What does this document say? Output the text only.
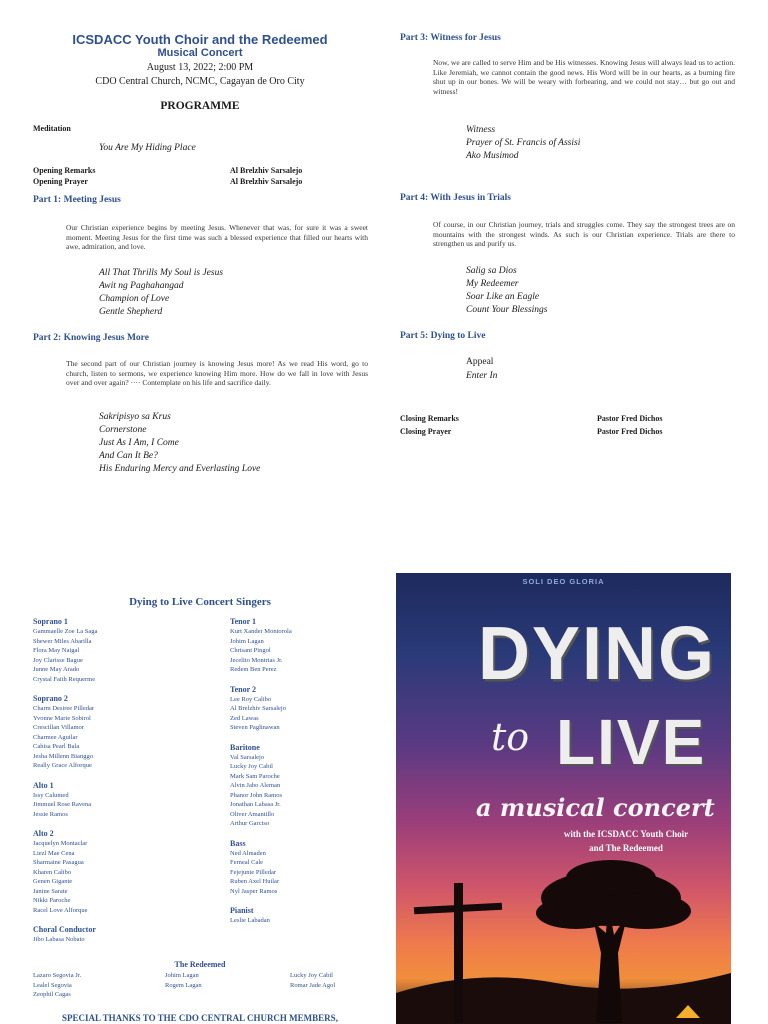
ICSDACC Youth Choir and the Redeemed
Musical Concert
August 13, 2022; 2:00 PM
CDO Central Church, NCMC, Cagayan de Oro City
PROGRAMME
Meditation
You Are My Hiding Place
Opening Remarks	Al Brelzhiv Sarsalejo
Opening Prayer	Al Brelzhiv Sarsalejo
Part 1: Meeting Jesus
Our Christian experience begins by meeting Jesus. Whenever that was, for sure it was a sweet moment. Meeting Jesus for the first time was such a blessed experience that filled our hearts with awe, admiration, and love.
All That Thrills My Soul is Jesus
Awit ng Paghahangad
Champion of Love
Gentle Shepherd
Part 2: Knowing Jesus More
The second part of our Christian journey is knowing Jesus more! As we read His word, go to church, listen to sermons, we experience knowing Him more. How do we fall in love with Jesus over and over again? ···· Contemplate on his life and sacrifice daily.
Sakripisyo sa Krus
Cornerstone
Just As I Am, I Come
And Can It Be?
His Enduring Mercy and Everlasting Love
Part 3: Witness for Jesus
Now, we are called to serve Him and be His witnesses. Knowing Jesus will always lead us to action. Like Jeremiah, we cannot contain the good news. His Word will be in our hearts, as a burning fire shut up in our bones. We will be weary with forbearing, and we could not stay… but go out and witness!
Witness
Prayer of St. Francis of Assisi
Ako Musimod
Part 4: With Jesus in Trials
Of course, in our Christian journey, trials and struggles come. They say the strongest trees are on mountains with the strongest winds. As such is our Christian experience. Trials are there to strengthen us and purify us.
Salig sa Dios
My Redeemer
Soar Like an Eagle
Count Your Blessings
Part 5: Dying to Live
Appeal
Enter In
Closing Remarks	Pastor Fred Dichos
Closing Prayer	Pastor Fred Dichos
Dying to Live Concert Singers
Soprano 1
Gammaelle Zoe La Saga
Shewer Miles Abarilla
Flora May Naigal
Joy Clarisse Bague
Junne May Arado
Crystal Faith Requerme
Soprano 2
Charm Desiree Pilledar
Yvonne Marie Sobirol
Crescillan Villamor
Charmee Aguilar
Cahisa Pearl Bala
Jesha Millenn Bianggo
Really Grace Alforque
Alto 1
Issy Calumed
Jimmuel Rose Ravena
Jessie Ramos
Alto 2
Jacquelyn Montaclar
Liezl Mae Cena
Sharmaine Pasagua
Kharen Calibo
Genen Gigante
Janine Sarate
Nikki Paroche
Racel Love Alforque
Choral Conductor
Jibo Labasa Nobato
Tenor 1
Kurt Xander Montorola
Johim Lagan
Chrisant Pingol
Jecelito Montrias Jr.
Redem Ben Perez
Tenor 2
Lee Roy Calibo
Al Brelzhiv Sarsalejo
Zed Lawas
Steven Paglinawan
Baritone
Val Sarsalejo
Lucky Joy Cabil
Mark Sam Paroche
Alvin Jabo Aleman
Phanor John Ramos
Jonathan Labasa Jr.
Oliver Amantillo
Arthur Garciso
Bass
Ned Almaden
Ferneal Cale
Fejejunie Pilledar
Ruben Axel Huilar
Nyl Jasper Ramos
Pianist
Leslie Labadan
The Redeemed
Lazaro Segovia Jr.
Lealel Segovia
Zeophil Cagas
Johim Lagan
Rogem Lagan
Lucky Joy Cabil
Romar Jade Agol
SPECIAL THANKS TO THE CDO CENTRAL CHURCH MEMBERS,
SOLI DEO GLORIA
DYING
to LIVE
a musical concert
with the ICSDACC Youth Choir
and The Redeemed
